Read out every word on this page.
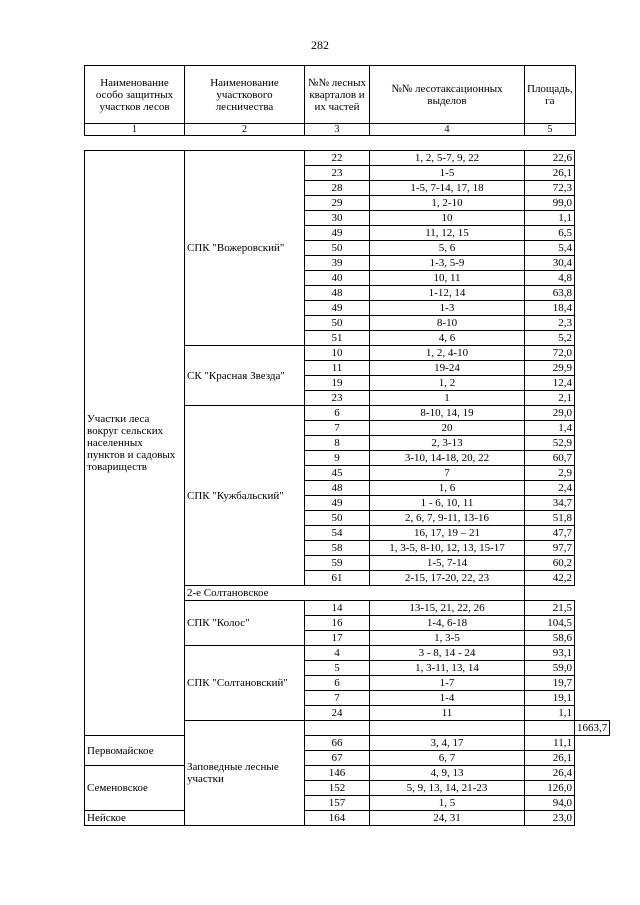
282
Наименование особо защитных участков лесов	Наименование участкового лесничества	№№ лесных кварталов и их частей	№№ лесотаксационных выделов	Площадь, га
1	2	3	4	5
Участки леса вокруг сельских населенных пунктов и садовых товариществ	СПК "Вожеровский"	22	1, 2, 5-7, 9, 22	22,6	
		23	1-5	26,1	
		28	1-5, 7-14, 17, 18	72,3	
		29	1, 2-10	99,0	
		30	10	1,1	
		49	11, 12, 15	6,5	
		50	5, 6	5,4	
		39	1-3, 5-9	30,4	
		40	10, 11	4,8	
		48	1-12, 14	63,8	
		49	1-3	18,4	
		50	8-10	2,3	
		51	4, 6	5,2	
	СК "Красная Звезда"	10	1, 2, 4-10	72,0	
		11	19-24	29,9	
		19	1, 2	12,4	
		23	1	2,1	
	СПК "Кужбальский"	6	8-10, 14, 19	29,0	
		7	20	1,4	
		8	2, 3-13	52,9	
		9	3-10, 14-18, 20, 22	60,7	
		45	7	2,9	
		48	1, 6	2,4	
		49	1 - 6, 10, 11	34,7	
		50	2, 6, 7, 9-11, 13-16	51,8	
		54	16, 17, 19 – 21	47,7	
		58	1, 3-5, 8-10, 12, 13, 15-17	97,7	
		59	1-5, 7-14	60,2	
		61	2-15, 17-20, 22, 23	42,2	
	2-е Солтановское				
	СПК "Колос"	14	13-15, 21, 22, 26	21,5	
		16	1-4, 6-18	104,5	
		17	1, 3-5	58,6	
	СПК "Солтановский"	4	3 - 8, 14 - 24	93,1	
		5	1, 3-11, 13, 14	59,0	
		6	1-7	19,7	
		7	1-4	19,1	
		24	11	1,1	
	Заповедные лесные участки				1663,7
Первомайское		66	3, 4, 17	11,1	
		67	6, 7	26,1	
Семеновское		146	4, 9, 13	26,4	
		152	5, 9, 13, 14, 21-23	126,0	
		157	1, 5	94,0	
Нейское		164	24, 31	23,0	
